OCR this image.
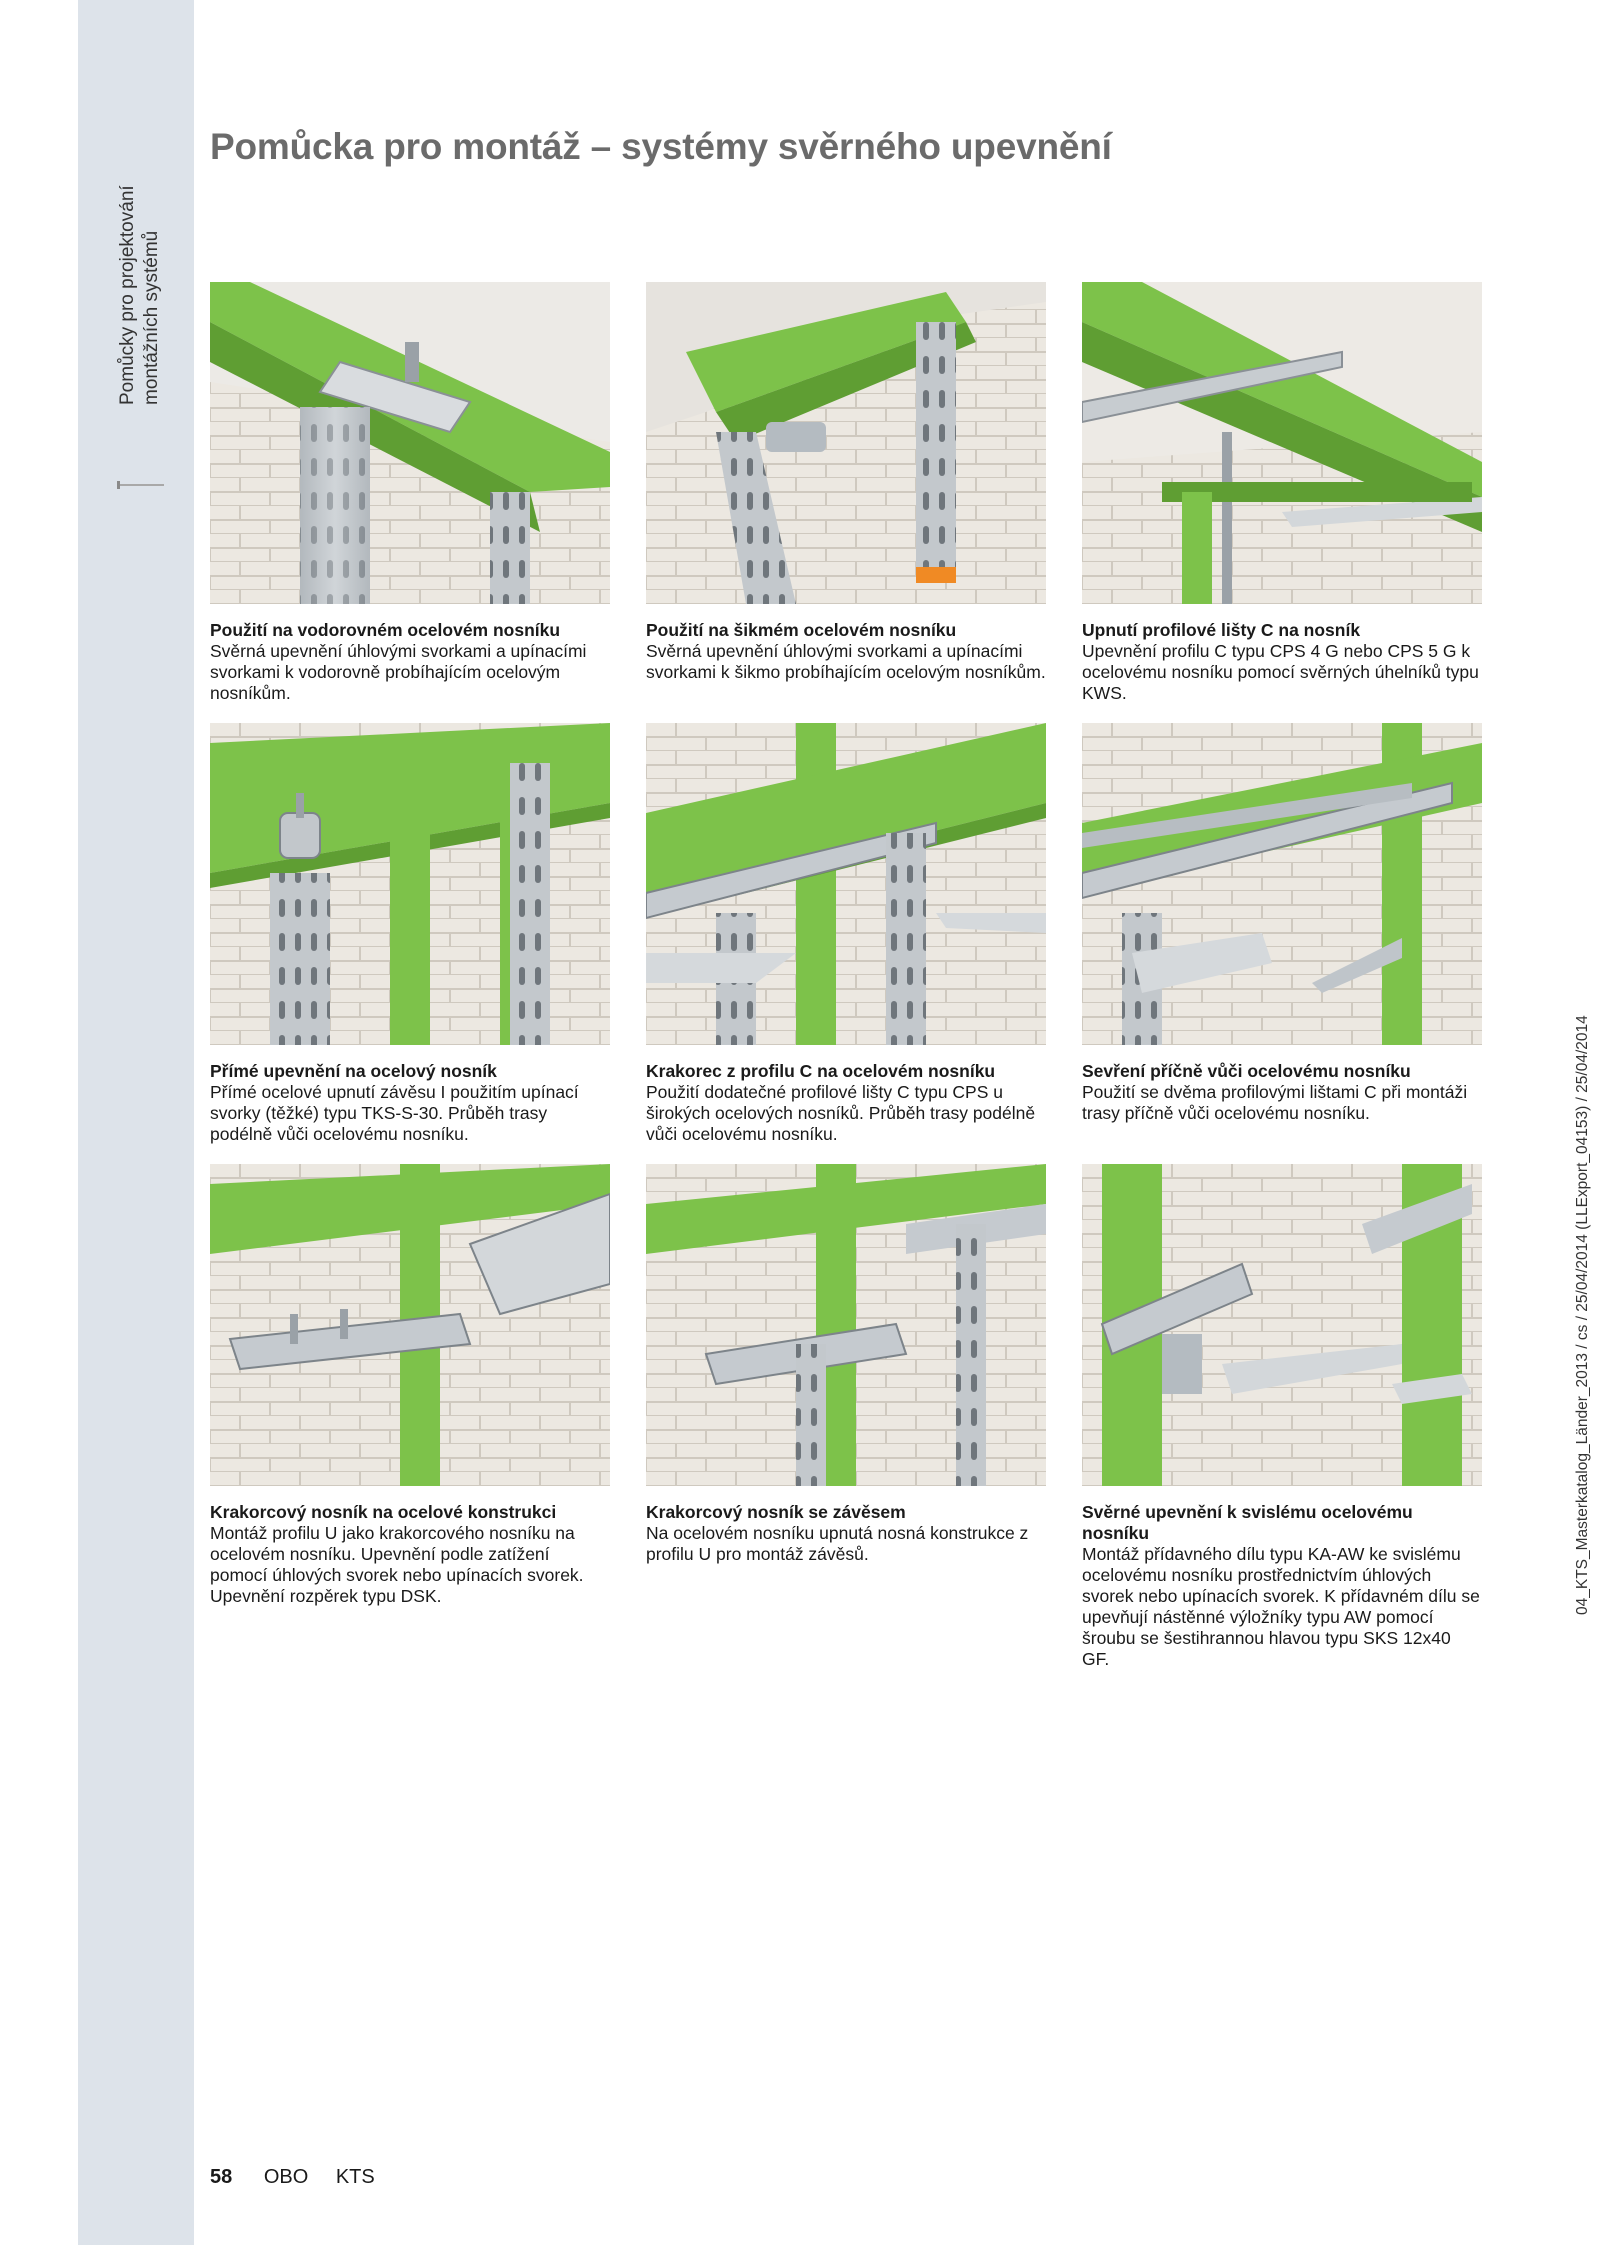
Pomůcky pro projektování montážních systémů
Pomůcka pro montáž – systémy svěrného upevnění
Použití na vodorovném ocelovém nosníku
Svěrná upevnění úhlovými svorkami a upínacími svorkami k vodorovně probíhajícím ocelovým nosníkům.
Použití na šikmém ocelovém nosníku
Svěrná upevnění úhlovými svorkami a upínacími svorkami k šikmo probíhajícím ocelovým nosníkům.
Upnutí profilové lišty C na nosník
Upevnění profilu C typu CPS 4 G nebo CPS 5 G k ocelovému nosníku pomocí svěrných úhelníků typu KWS.
Přímé upevnění na ocelový nosník
Přímé ocelové upnutí závěsu I použitím upínací svorky (těžké) typu TKS-S-30. Průběh trasy podélně vůči ocelovému nosníku.
Krakorec z profilu C na ocelovém nosníku
Použití dodatečné profilové lišty C typu CPS u širokých ocelových nosníků. Průběh trasy podélně vůči ocelovému nosníku.
Sevření příčně vůči ocelovému nosníku
Použití se dvěma profilovými lištami C při montáži trasy příčně vůči ocelovému nosníku.
Krakorcový nosník na ocelové konstrukci
Montáž profilu U jako krakorcového nosníku na ocelovém nosníku. Upevnění podle zatížení pomocí úhlových svorek nebo upínacích svorek. Upevnění rozpěrek typu DSK.
Krakorcový nosník se závěsem
Na ocelovém nosníku upnutá nosná konstrukce z profilu U pro montáž závěsů.
Svěrné upevnění k svislému ocelovému nosníku
Montáž přídavného dílu typu KA-AW ke svislému ocelovému nosníku prostřednictvím úhlových svorek nebo upínacích svorek. K přídavném dílu se upevňují nástěnné výložníky typu AW pomocí šroubu se šestihrannou hlavou typu SKS 12x40 GF.
04_KTS_Masterkatalog_Länder_2013 / cs / 25/04/2014 (LLExport_04153) / 25/04/2014
58 OBO KTS
